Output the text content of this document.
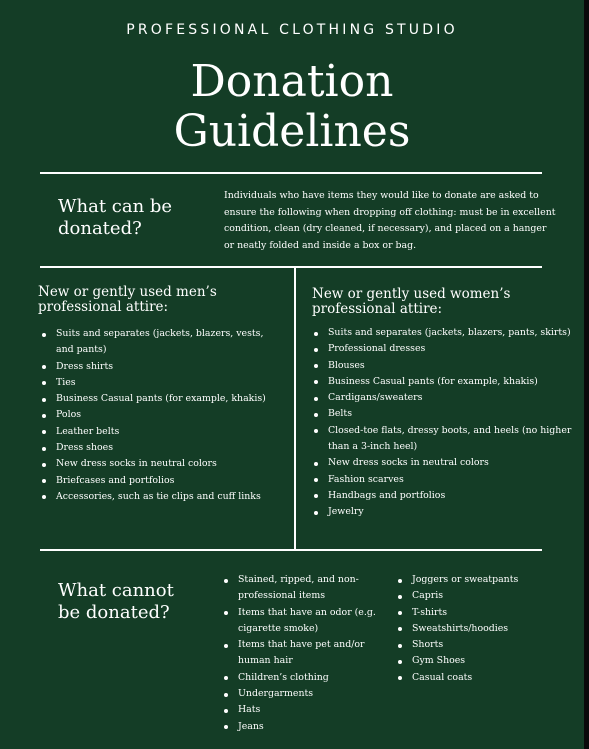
PROFESSIONAL CLOTHING STUDIO
Donation
Guidelines
What can be
donated?

Individuals who have items they would like to donate are asked to ensure the following when dropping off clothing: must be in excellent condition, clean (dry cleaned, if necessary), and placed on a hanger or neatly folded and inside a box or bag.

New or gently used men’s
professional attire:
Suits and separates (jackets, blazers, vests, and pants)
Dress shirts
Ties
Business Casual pants (for example, khakis)
Polos
Leather belts
Dress shoes
New dress socks in neutral colors
Briefcases and portfolios
Accessories, such as tie clips and cuff links
New or gently used women’s
professional attire:
Suits and separates (jackets, blazers, pants, skirts)
Professional dresses
Blouses
Business Casual pants (for example, khakis)
Cardigans/sweaters
Belts
Closed-toe flats, dressy boots, and heels (no higher than a 3-inch heel)
New dress socks in neutral colors
Fashion scarves
Handbags and portfolios
Jewelry
What cannot
be donated?
Stained, ripped, and non-professional items
Items that have an odor (e.g. cigarette smoke)
Items that have pet and/or human hair
Children’s clothing
Undergarments
Hats
Jeans
Joggers or sweatpants
Capris
T-shirts
Sweatshirts/hoodies
Shorts
Gym Shoes
Casual coats
